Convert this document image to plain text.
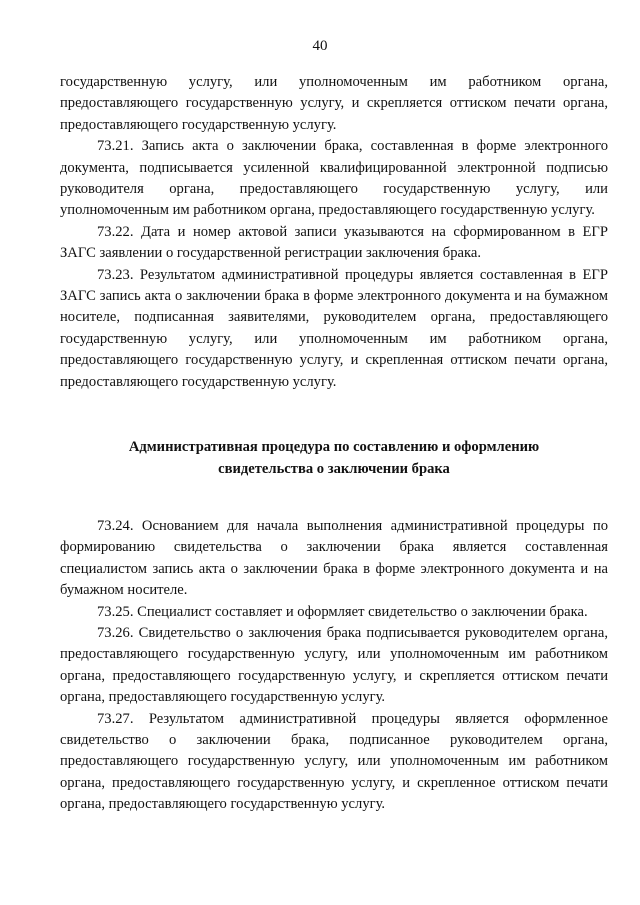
40

государственную услугу, или уполномоченным им работником органа, предоставляющего государственную услугу, и скрепляется оттиском печати органа, предоставляющего государственную услугу.

73.21. Запись акта о заключении брака, составленная в форме электронного документа, подписывается усиленной квалифицированной электронной подписью руководителя органа, предоставляющего государственную услугу, или уполномоченным им работником органа, предоставляющего государственную услугу.

73.22. Дата и номер актовой записи указываются на сформированном в ЕГР ЗАГС заявлении о государственной регистрации заключения брака.

73.23. Результатом административной процедуры является составленная в ЕГР ЗАГС запись акта о заключении брака в форме электронного документа и на бумажном носителе, подписанная заявителями, руководителем органа, предоставляющего государственную услугу, или уполномоченным им работником органа, предоставляющего государственную услугу, и скрепленная оттиском печати органа, предоставляющего государственную услугу.

Административная процедура по составлению и оформлению
свидетельства о заключении брака

73.24. Основанием для начала выполнения административной процедуры по формированию свидетельства о заключении брака является составленная специалистом запись акта о заключении брака в форме электронного документа и на бумажном носителе.

73.25. Специалист составляет и оформляет свидетельство о заключении брака.

73.26. Свидетельство о заключения брака подписывается руководителем органа, предоставляющего государственную услугу, или уполномоченным им работником органа, предоставляющего государственную услугу, и скрепляется оттиском печати органа, предоставляющего государственную услугу.

73.27. Результатом административной процедуры является оформленное свидетельство о заключении брака, подписанное руководителем органа, предоставляющего государственную услугу, или уполномоченным им работником органа, предоставляющего государственную услугу, и скрепленное оттиском печати органа, предоставляющего государственную услугу.
